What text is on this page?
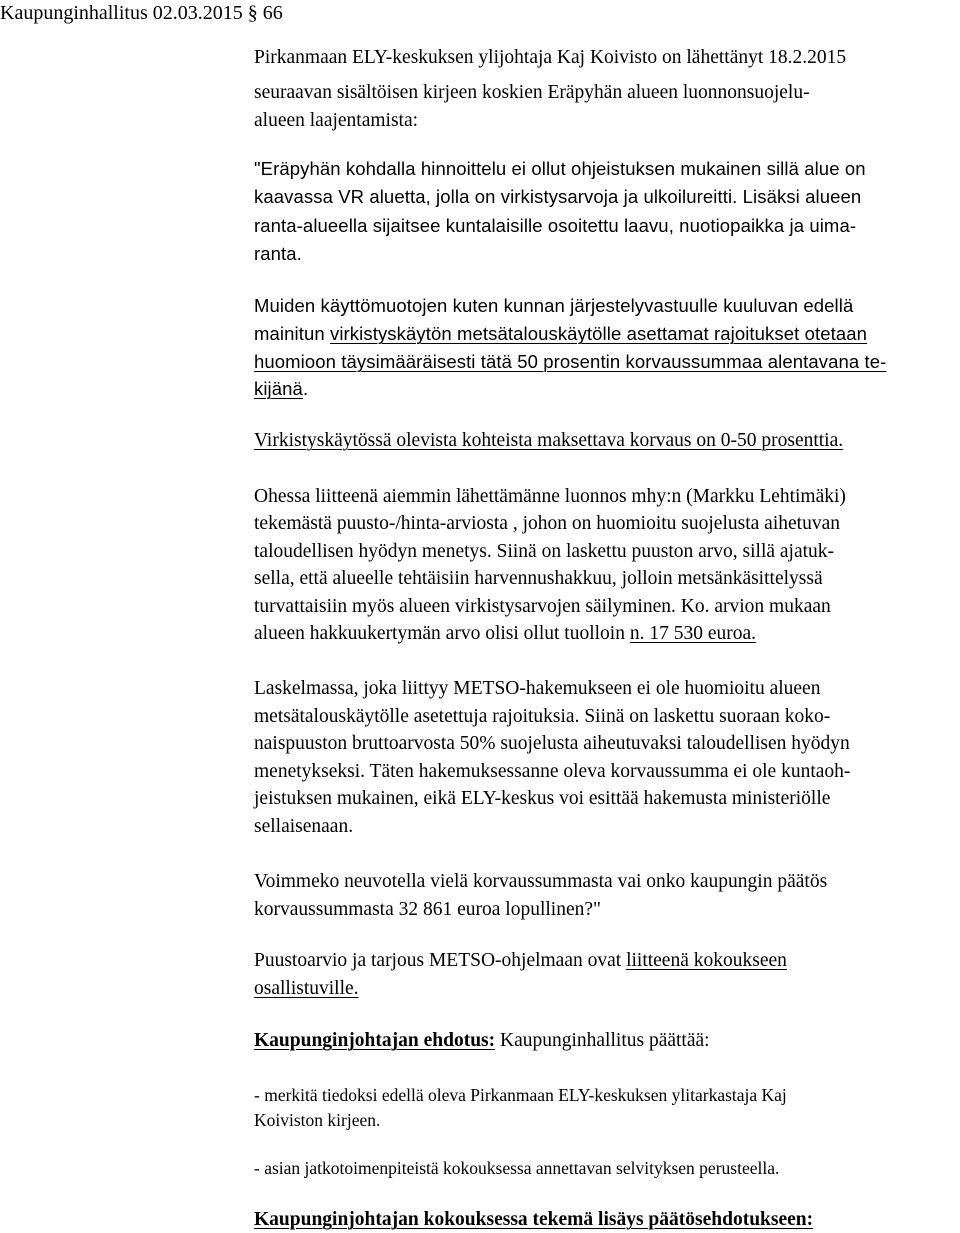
Kaupunginhallitus 02.03.2015 § 66
Pirkanmaan ELY-keskuksen ylijohtaja Kaj Koivisto on lähettänyt 18.2.2015
seuraavan sisältöisen kirjeen koskien Eräpyhän alueen luonnonsuojelu-
alueen laajentamista:
"Eräpyhän kohdalla hinnoittelu ei ollut ohjeistuksen mukainen sillä alue on
kaavassa VR aluetta, jolla on virkistysarvoja ja ulkoilureitti. Lisäksi alueen
ranta-alueella sijaitsee kuntalaisille osoitettu laavu, nuotiopaikka ja uima-
ranta.
Muiden käyttömuotojen kuten kunnan järjestelyvastuulle kuuluvan edellä
mainitun virkistyskäytön metsätalouskäytölle asettamat rajoitukset otetaan
huomioon täysimääräisesti tätä 50 prosentin korvaussummaa alentavana te-
kijänä.
Virkistyskäytössä olevista kohteista maksettava korvaus on 0-50 prosenttia.
Ohessa liitteenä aiemmin lähettämänne luonnos mhy:n (Markku Lehtimäki)
tekemästä puusto-/hinta-arviosta , johon on huomioitu suojelusta aihetuvan
taloudellisen hyödyn menetys. Siinä on laskettu puuston arvo, sillä ajatuk-
sella, että alueelle tehtäisiin harvennushakkuu, jolloin metsänkäsittelyssä
turvattaisiin myös alueen virkistysarvojen säilyminen. Ko. arvion mukaan
alueen hakkuukertymän arvo olisi ollut tuolloin n. 17 530 euroa.
Laskelmassa, joka liittyy METSO-hakemukseen ei ole huomioitu alueen
metsätalouskäytölle asetettuja rajoituksia. Siinä on laskettu suoraan koko-
naispuuston bruttoarvosta 50% suojelusta aiheutuvaksi taloudellisen hyödyn
menetykseksi. Täten hakemuksessanne oleva korvaussumma ei ole kuntaoh-
jeistuksen mukainen, eikä ELY-keskus voi esittää hakemusta ministeriölle
sellaisenaan.
Voimmeko neuvotella vielä korvaussummasta vai onko kaupungin päätös
korvaussummasta 32 861 euroa lopullinen?"
Puustoarvio ja tarjous METSO-ohjelmaan ovat liitteenä kokoukseen
osallistuville.
Kaupunginjohtajan ehdotus: Kaupunginhallitus päättää:
- merkitä tiedoksi edellä oleva Pirkanmaan ELY-keskuksen ylitarkastaja Kaj
Koiviston kirjeen.
- asian jatkotoimenpiteistä kokouksessa annettavan selvityksen perusteella.
Kaupunginjohtajan kokouksessa tekemä lisäys päätösehdotukseen:
